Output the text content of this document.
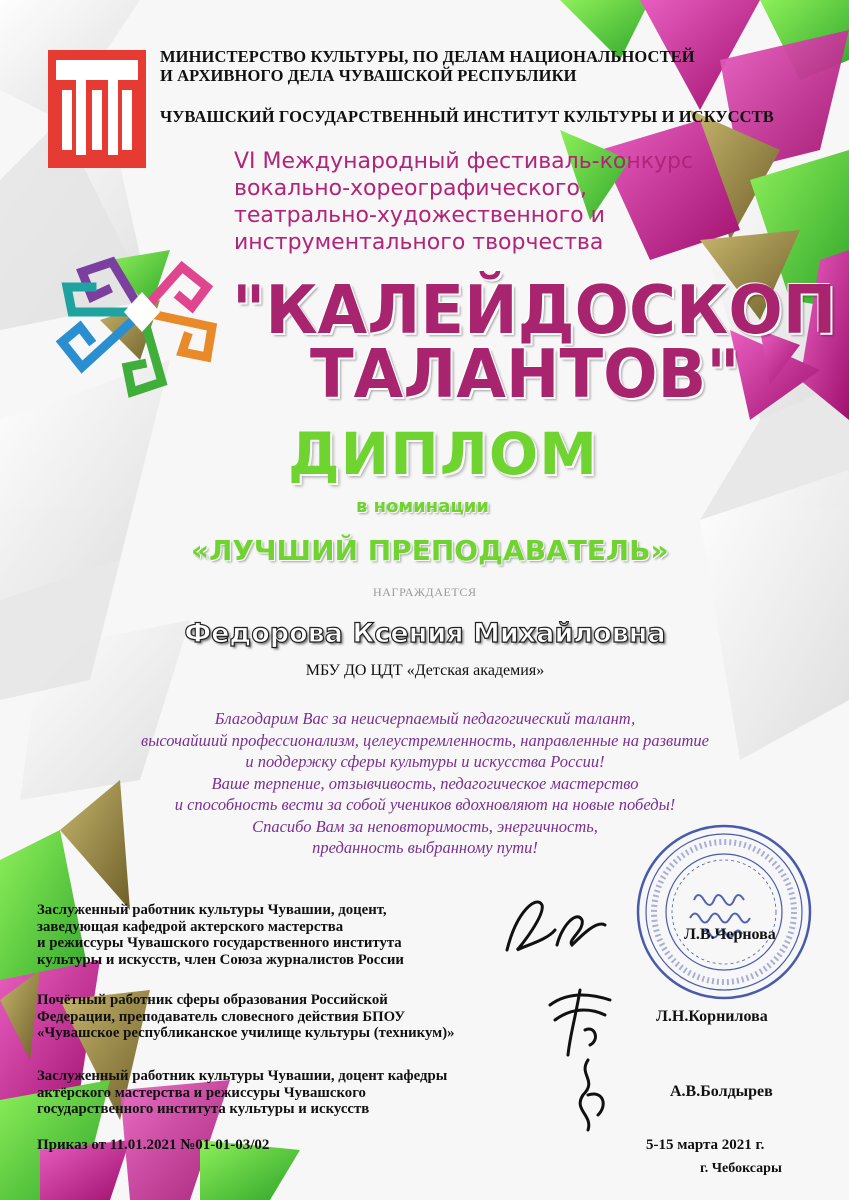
МИНИСТЕРСТВО КУЛЬТУРЫ, ПО ДЕЛАМ НАЦИОНАЛЬНОСТЕЙ
И АРХИВНОГО ДЕЛА ЧУВАШСКОЙ РЕСПУБЛИКИ
ЧУВАШСКИЙ ГОСУДАРСТВЕННЫЙ ИНСТИТУТ КУЛЬТУРЫ И ИСКУССТВ
VI Международный фестиваль-конкурс
вокально-хореографического,
театрально-художественного и
инструментального творчества
"КАЛЕЙДОСКОП
ТАЛАНТОВ"
ДИПЛОМ
в номинации
«ЛУЧШИЙ ПРЕПОДАВАТЕЛЬ»
НАГРАЖДАЕТСЯ
Федорова Ксения Михайловна
МБУ ДО ЦДТ «Детская академия»
Благодарим Вас за неисчерпаемый педагогический талант,
высочайший профессионализм, целеустремленность, направленные на развитие
и поддержку сферы культуры и искусства России!
Ваше терпение, отзывчивость, педагогическое мастерство
и способность вести за собой учеников вдохновляют на новые победы!
Спасибо Вам за неповторимость, энергичность,
преданность выбранному пути!
Заслуженный работник культуры Чувашии, доцент,
заведующая кафедрой актерского мастерства
и режиссуры Чувашского государственного института
культуры и искусств, член Союза журналистов России
Л.В.Чернова
Почётный работник сферы образования Российской
Федерации, преподаватель словесного действия БПОУ
«Чувашское республиканское училище культуры (техникум)»
Л.Н.Корнилова
Заслуженный работник культуры Чувашии, доцент кафедры
актёрского мастерства и режиссуры Чувашского
государственного института культуры и искусств
А.В.Болдырев
Приказ от 11.01.2021 №01-01-03/02	5-15 марта 2021 г.
г. Чебоксары
